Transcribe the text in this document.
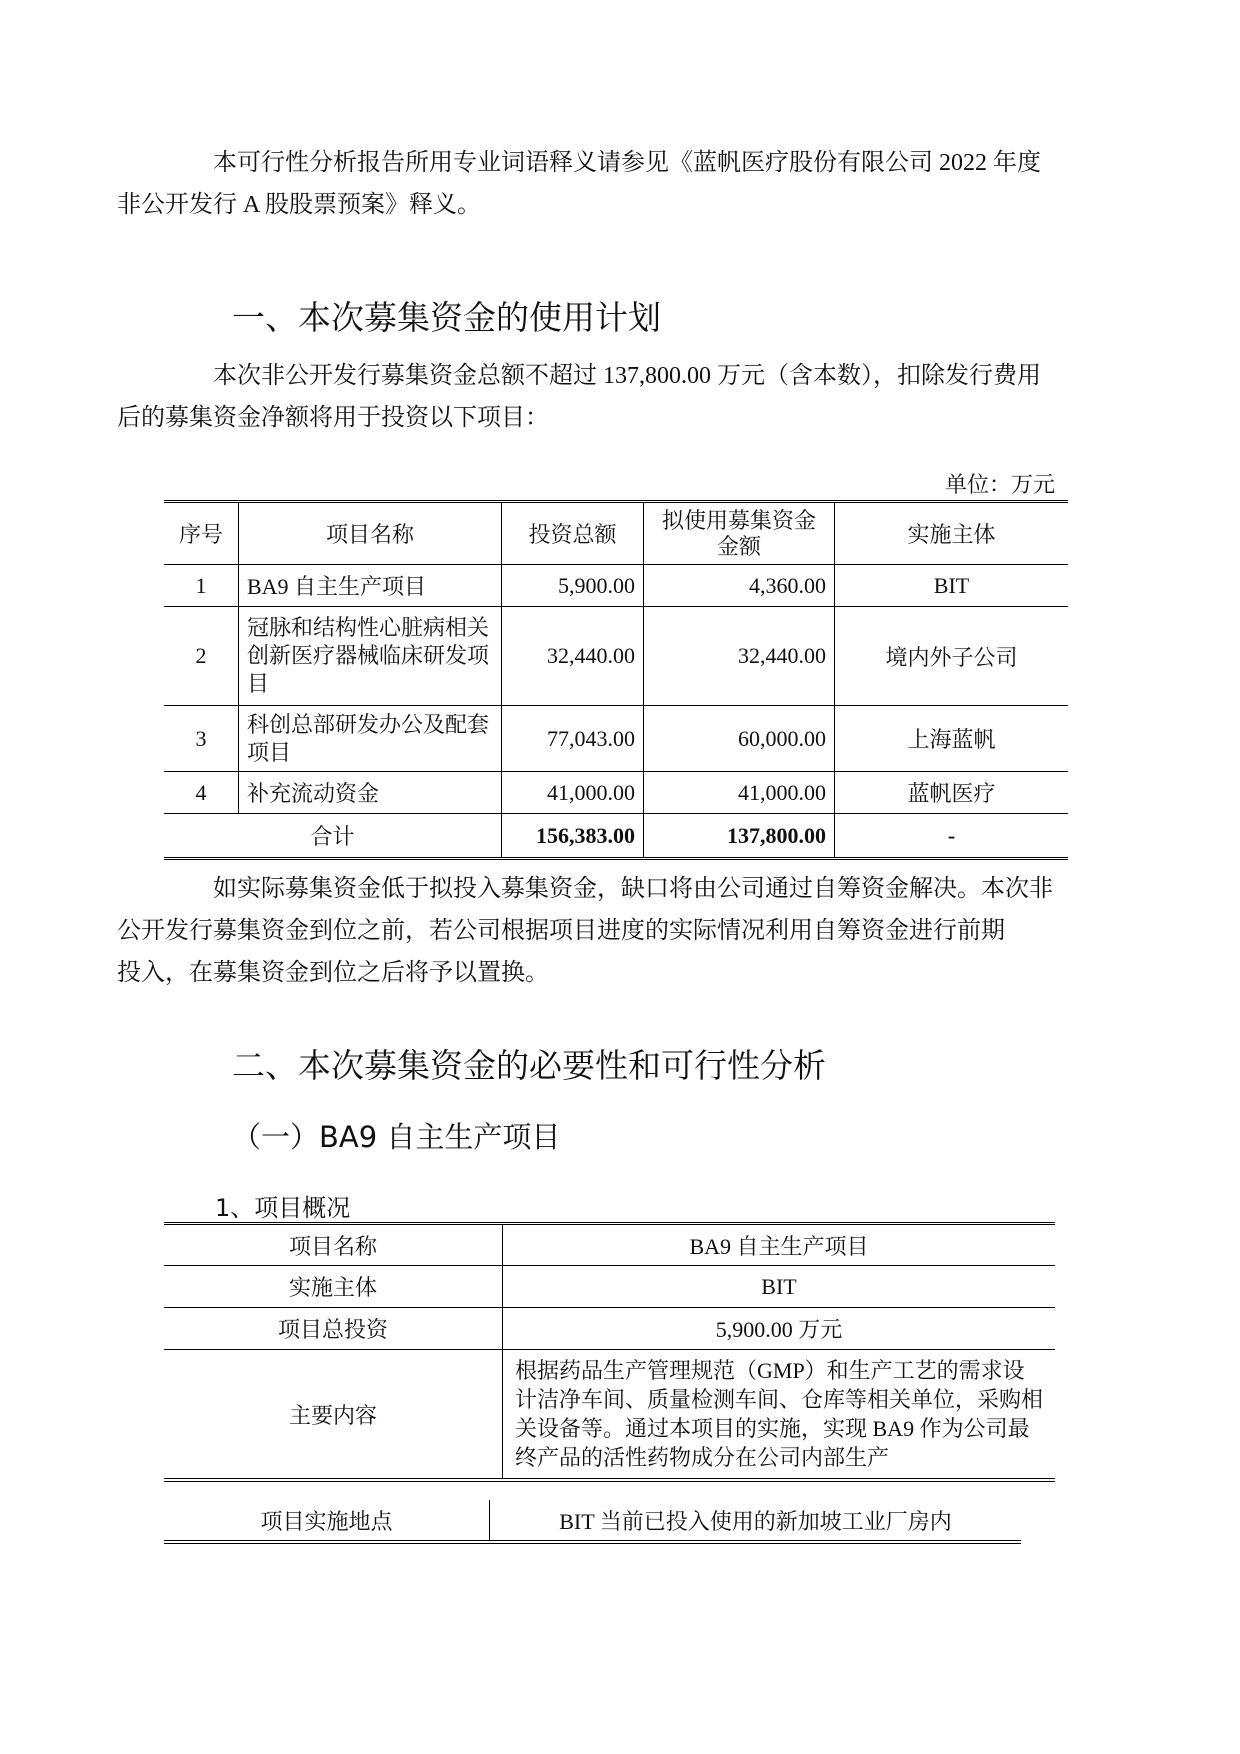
本可行性分析报告所用专业词语释义请参见《蓝帆医疗股份有限公司 2022 年度
非公开发行 A 股股票预案》释义。
一、本次募集资金的使用计划
本次非公开发行募集资金总额不超过 137,800.00 万元（含本数），扣除发行费用
后的募集资金净额将用于投资以下项目：
单位：万元
序号	项目名称	投资总额	拟使用募集资金金额	实施主体
1	BA9 自主生产项目	5,900.00	4,360.00	BIT
2	冠脉和结构性心脏病相关创新医疗器械临床研发项目	32,440.00	32,440.00	境内外子公司
3	科创总部研发办公及配套项目	77,043.00	60,000.00	上海蓝帆
4	补充流动资金	41,000.00	41,000.00	蓝帆医疗
合计		156,383.00	137,800.00	-
如实际募集资金低于拟投入募集资金，缺口将由公司通过自筹资金解决。本次非
公开发行募集资金到位之前，若公司根据项目进度的实际情况利用自筹资金进行前期
投入，在募集资金到位之后将予以置换。
二、本次募集资金的必要性和可行性分析
（一）BA9 自主生产项目
1、项目概况
项目名称	BA9 自主生产项目
实施主体	BIT
项目总投资	5,900.00 万元
主要内容	根据药品生产管理规范（GMP）和生产工艺的需求设
计洁净车间、质量检测车间、仓库等相关单位，采购相
关设备等。通过本项目的实施，实现 BA9 作为公司最
终产品的活性药物成分在公司内部生产
项目实施地点	BIT 当前已投入使用的新加坡工业厂房内
